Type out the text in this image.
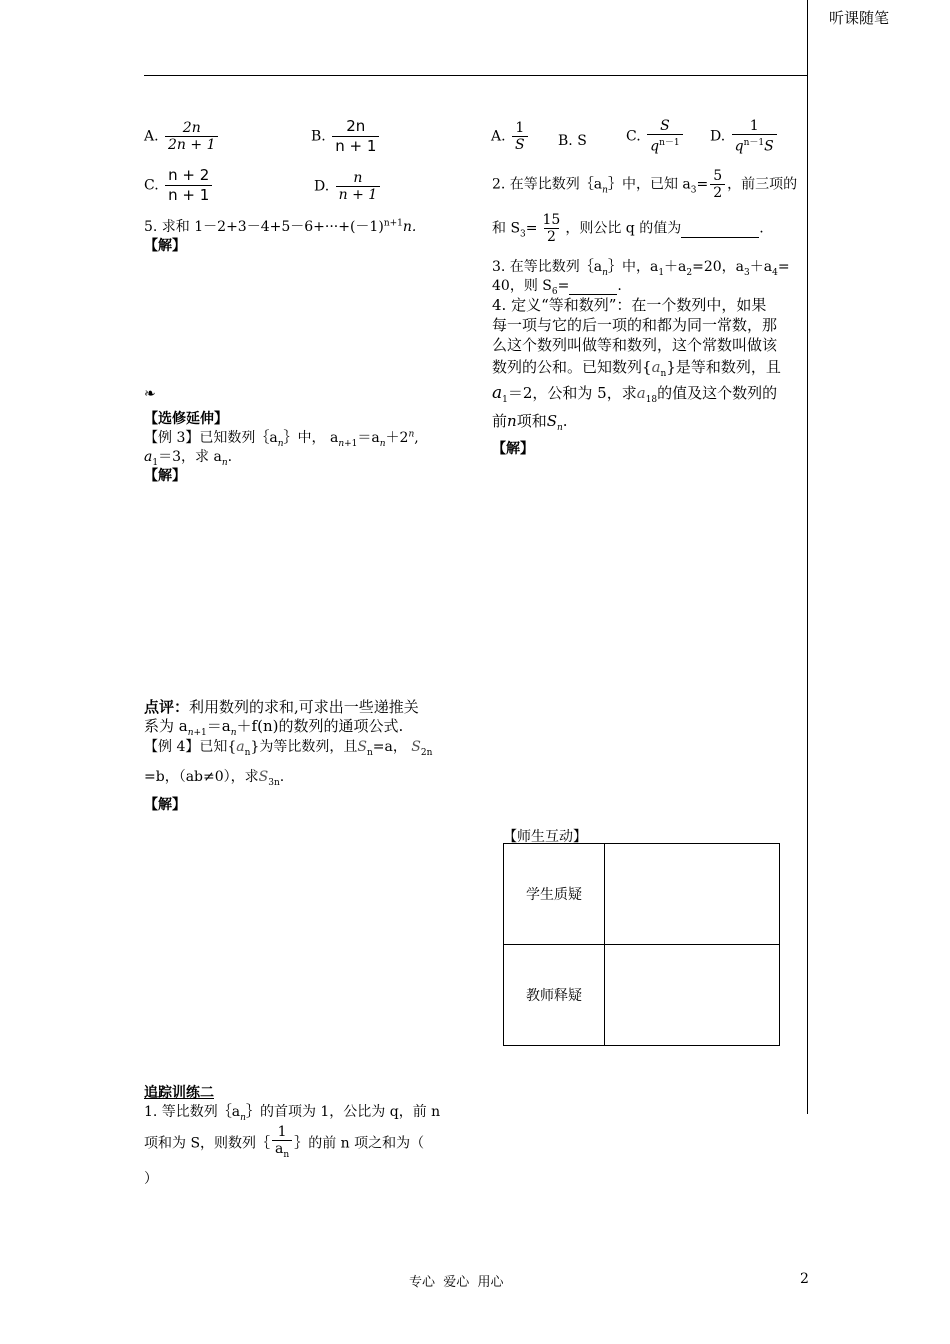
听课随笔
A. $\frac{2n}{2n + 1}$	B. $\frac{2n}{n + 1}$
C. $\frac{n + 2}{n + 1}$	D. $\frac{n}{n + 1}$
5. 求和 $1-2+3-4+5-6+\cdot\cdot\cdot+(-1)^{n+1}n$.
【解】
❧
【选修延伸】
【例 3】已知数列$\{a_n\}$中， $a_{n+1}=a_n+2^n$,
$a_1=3$，求 $a_n$.
【解】
点评：利用数列的求和,可求出一些递推关
系为 $a_{n+1}=a_n+f(n)$的数列的通项公式.
【例 4】已知$\{a_n\}$为等比数列，且$S_n=a$， $S_{2n}$
=b，（ab≠0），求$S_{3n}$.
【解】
追踪训练二
1. 等比数列$\{a_n\}$的首项为 1，公比为 q，前 n
项和为 S，则数列｛ $\frac{1}{a_n}$ ｝的前 n 项之和为（
）
A. $\frac{1}{S} B$. S	C. $\frac{S}{q^{n-1}} D$. $\frac{1}{q^{n-1}S}$
2. 在等比数列$\{a_n\}$中，已知 $a_3= \frac{5}{2}$ ，前三项的
和 $S_3= \frac{15}{2}$ ，则公比 q 的值为	.
3. 在等比数列$\{a_n\}$中，$a_1+a_2=20$，$a_3+a_4=$
40，则 $S_6=$	.
4. 定义“等和数列”：在一个数列中，如果
每一项与它的后一项的和都为同一常数，那
么这个数列叫做等和数列，这个常数叫做该
数列的公和。已知数列$\{a_n\}$是等和数列，且
$a_1=2$，公和为 5，求$a_{18}$的值及这个数列的
前n项和$S_n$.
【解】
【师生互动】
学生质疑	
教师释疑	
专心  爱心  用心	2
